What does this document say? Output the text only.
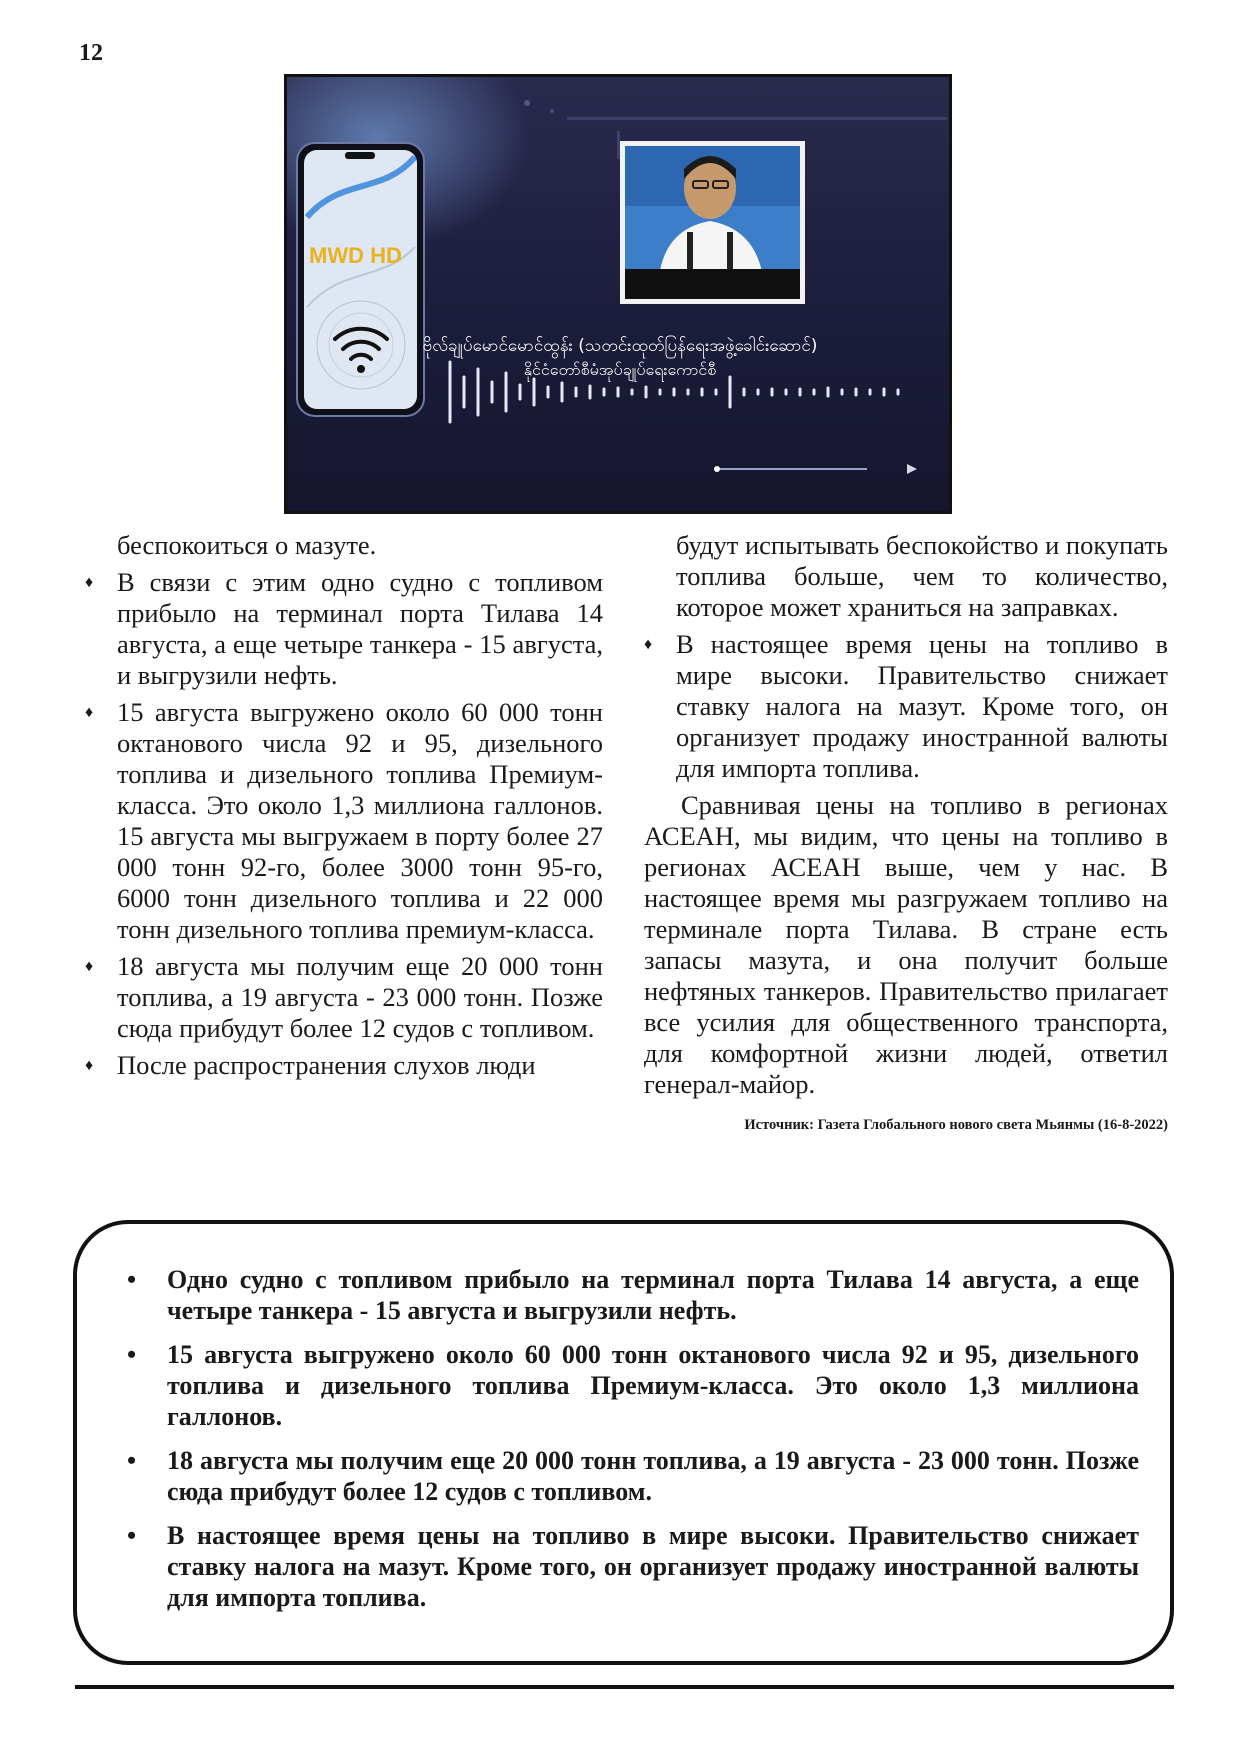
12
MWD HD
ဗိုလ်ချုပ်မောင်မောင်ထွန်း (သတင်းထုတ်ပြန်ရေးအဖွဲ့ခေါင်းဆောင်)
နိုင်ငံတော်စီမံအုပ်ချုပ်ရေးကောင်စီ

беспокоиться о мазуте.

♦ В связи с этим одно судно с топливом прибыло на терминал порта Тилава 14 августа, а еще четыре танкера - 15 августа, и выгрузили нефть.
♦ 15 августа выгружено около 60 000 тонн октанового числа 92 и 95, дизельного топлива и дизельного топлива Премиум-класса. Это около 1,3 миллиона галлонов. 15 августа мы выгружаем в порту более 27 000 тонн 92-го, более 3000 тонн 95-го, 6000 тонн дизельного топлива и 22 000 тонн дизельного топлива премиум-класса.
♦ 18 августа мы получим еще 20 000 тонн топлива, а 19 августа - 23 000 тонн. Позже сюда прибудут более 12 судов с топливом.
♦ После распространения слухов люди

будут испытывать беспокойство и покупать топлива больше, чем то количество, которое может храниться на заправках.

♦ В настоящее время цены на топливо в мире высоки. Правительство снижает ставку налога на мазут. Кроме того, он организует продажу иностранной валюты для импорта топлива.

Сравнивая цены на топливо в регионах АСЕАН, мы видим, что цены на топливо в регионах АСЕАН выше, чем у нас. В настоящее время мы разгружаем топливо на терминале порта Тилава. В стране есть запасы мазута, и она получит больше нефтяных танкеров. Правительство прилагает все усилия для общественного транспорта, для комфортной жизни людей, ответил генерал-майор.

Источник: Газета Глобального нового света Мьянмы (16-8-2022)
• Одно судно с топливом прибыло на терминал порта Тилава 14 августа, а еще четыре танкера - 15 августа и выгрузили нефть.
• 15 августа выгружено около 60 000 тонн октанового числа 92 и 95, дизельного топлива и дизельного топлива Премиум-класса. Это около 1,3 миллиона галлонов.
• 18 августа мы получим еще 20 000 тонн топлива, а 19 августа - 23 000 тонн. Позже сюда прибудут более 12 судов с топливом.
• В настоящее время цены на топливо в мире высоки. Правительство снижает ставку налога на мазут. Кроме того, он организует продажу иностранной валюты для импорта топлива.
